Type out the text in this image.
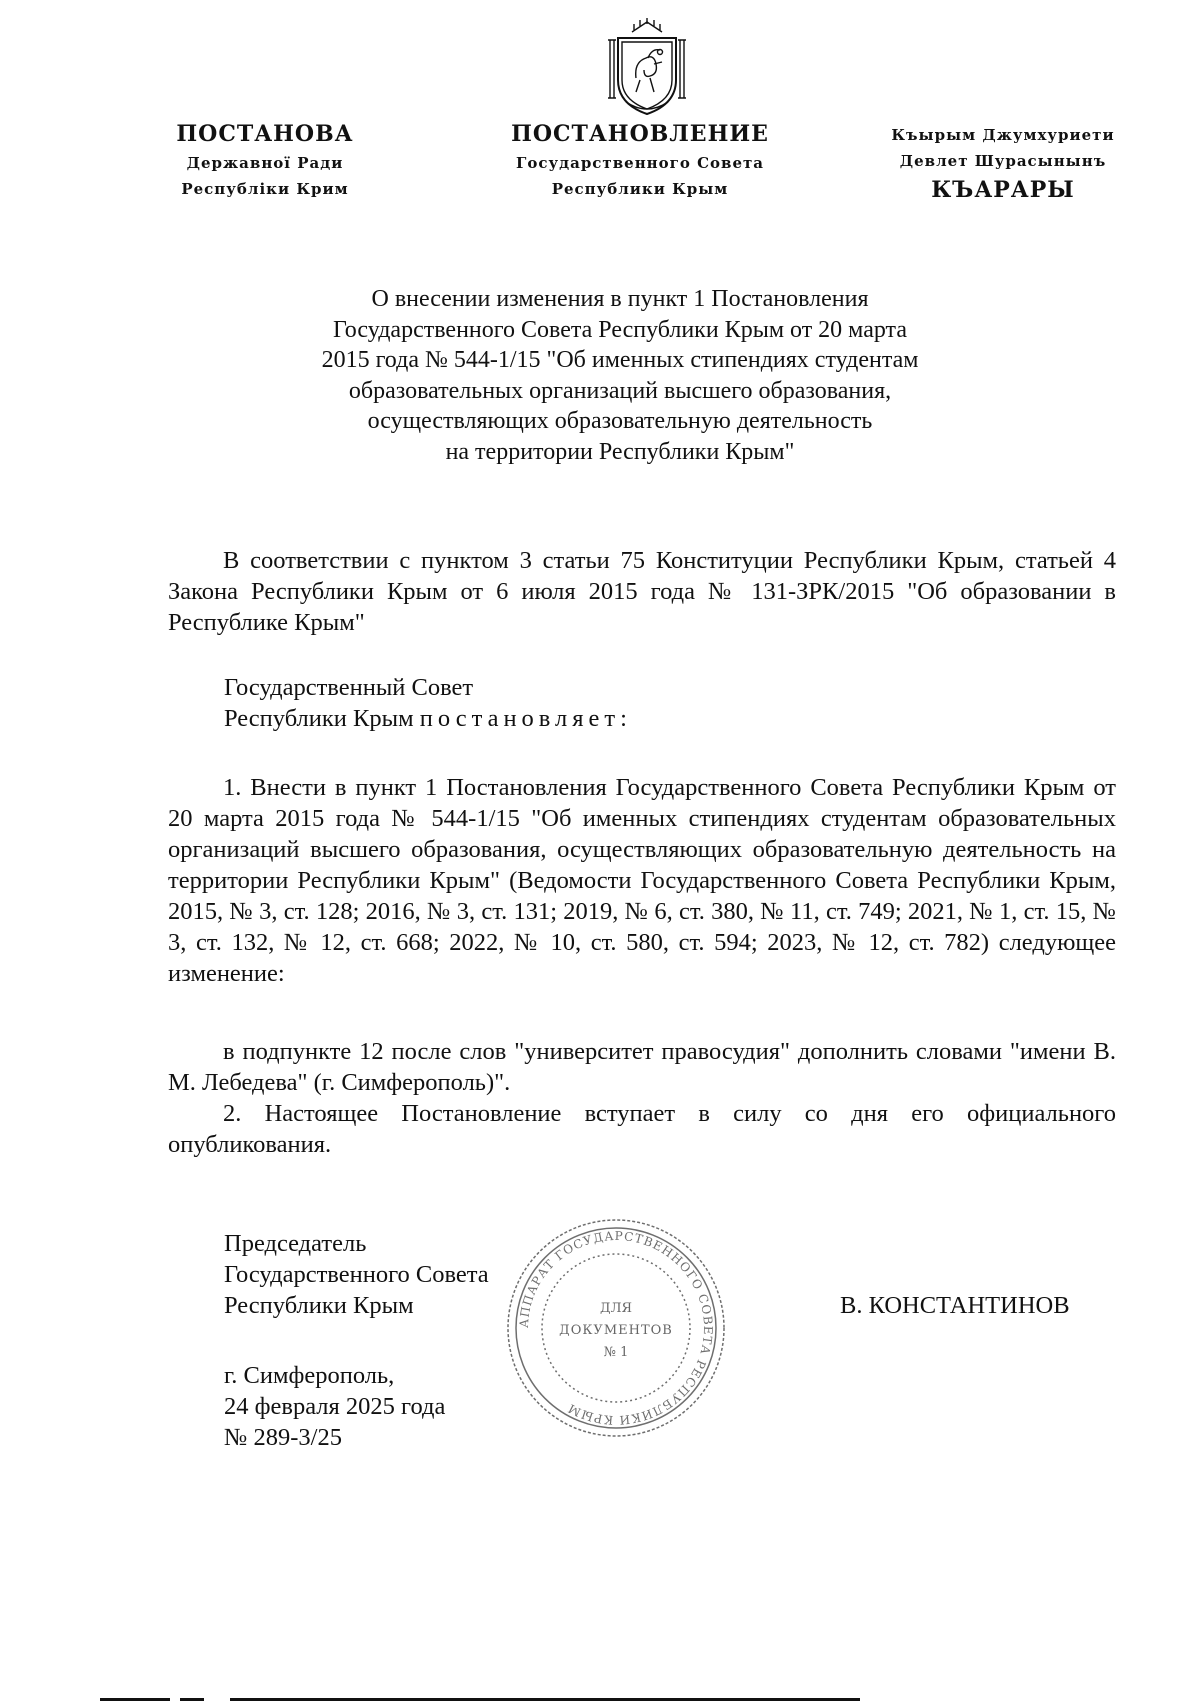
ПОСТАНОВА
Державної Ради
Республіки Крим
ПОСТАНОВЛЕНИЕ
Государственного Совета
Республики Крым
Къырым Джумхуриети
Девлет Шурасынынъ
КЪАРАРЫ
О внесении изменения в пункт 1 Постановления
Государственного Совета Республики Крым от 20 марта
2015 года № 544-1/15 "Об именных стипендиях студентам
образовательных организаций высшего образования,
осуществляющих образовательную деятельность
на территории Республики Крым"

В соответствии с пунктом 3 статьи 75 Конституции Республики Крым, статьей 4 Закона Республики Крым от 6 июля 2015 года № 131-ЗРК/2015 "Об образовании в Республике Крым"

Государственный Совет
Республики Крым постановляет:

1. Внести в пункт 1 Постановления Государственного Совета Республики Крым от 20 марта 2015 года № 544-1/15 "Об именных стипендиях студентам образовательных организаций высшего образования, осуществляющих образовательную деятельность на территории Республики Крым" (Ведомости Государственного Совета Республики Крым, 2015, № 3, ст. 128; 2016, № 3, ст. 131; 2019, № 6, ст. 380, № 11, ст. 749; 2021, № 1, ст. 15, № 3, ст. 132, № 12, ст. 668; 2022, № 10, ст. 580, ст. 594; 2023, № 12, ст. 782) следующее изменение:

в подпункте 12 после слов "университет правосудия" дополнить словами "имени В. М. Лебедева" (г. Симферополь)".

2. Настоящее Постановление вступает в силу со дня его официального опубликования.

Председатель
Государственного Совета
Республики Крым	В. КОНСТАНТИНОВ
г. Симферополь,
24 февраля 2025 года
№ 289-3/25
АППАРАТ ГОСУДАРСТВЕННОГО СОВЕТА РЕСПУБЛИКИ КРЫМ
ДЛЯ
ДОКУМЕНТОВ
№ 1
